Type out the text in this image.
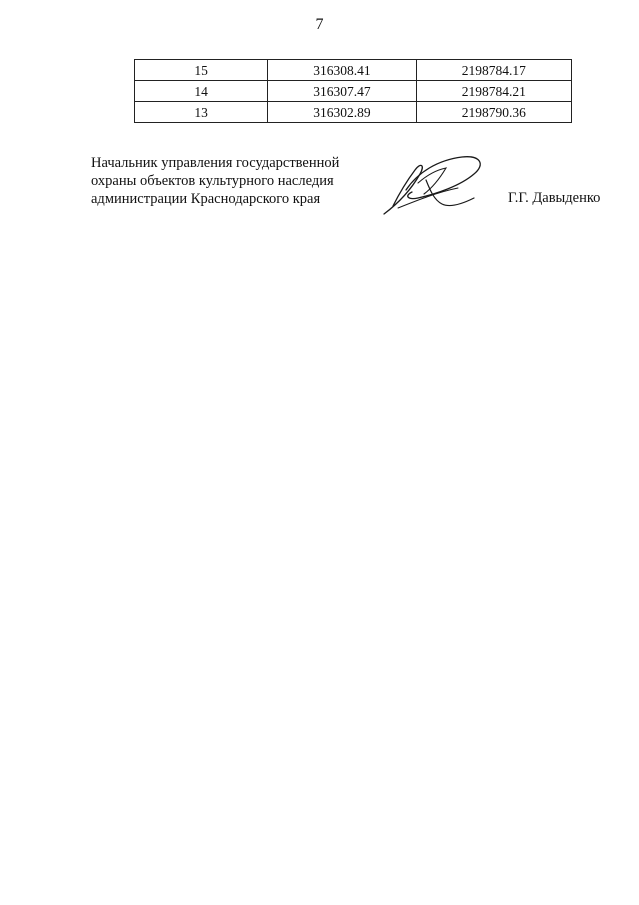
7
15	316308.41	2198784.17
14	316307.47	2198784.21
13	316302.89	2198790.36
Начальник управления государственной
охраны объектов культурного наследия
администрации Краснодарского края	Г.Г. Давыденко
